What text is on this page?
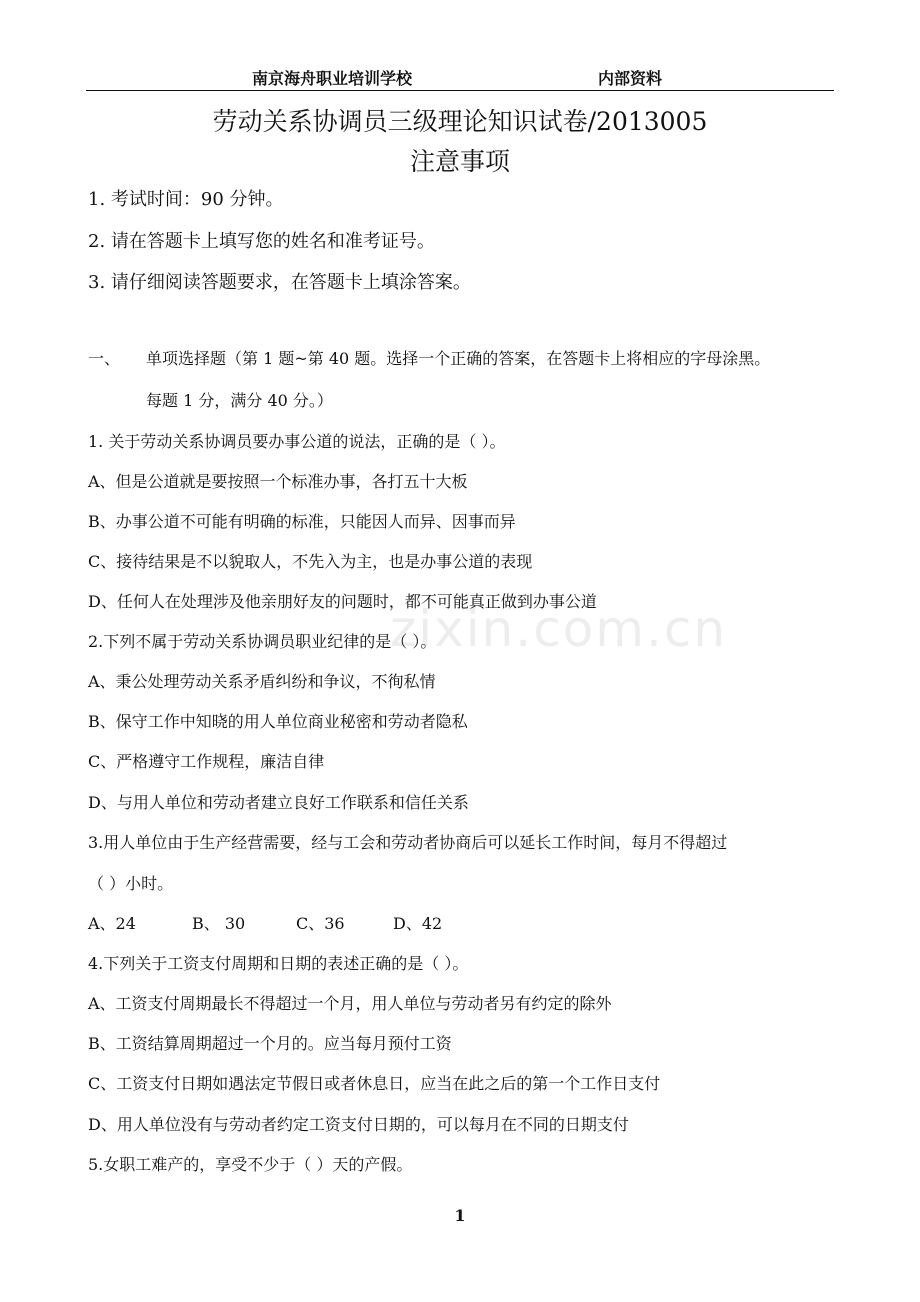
南京海舟职业培训学校	内部资料
劳动关系协调员三级理论知识试卷/2013005
注意事项
1. 考试时间：90 分钟。
2. 请在答题卡上填写您的姓名和准考证号。
3. 请仔细阅读答题要求，在答题卡上填涂答案。
一、 单项选择题（第 1 题~第 40 题。选择一个正确的答案，在答题卡上将相应的字母涂黑。
每题 1 分，满分 40 分。）
1. 关于劳动关系协调员要办事公道的说法，正确的是（ ）。
A、但是公道就是要按照一个标准办事，各打五十大板
B、办事公道不可能有明确的标准，只能因人而异、因事而异
C、接待结果是不以貌取人，不先入为主，也是办事公道的表现
D、任何人在处理涉及他亲朋好友的问题时，都不可能真正做到办事公道
2.下列不属于劳动关系协调员职业纪律的是（ ）。
A、秉公处理劳动关系矛盾纠纷和争议，不徇私情
B、保守工作中知晓的用人单位商业秘密和劳动者隐私
C、严格遵守工作规程，廉洁自律
D、与用人单位和劳动者建立良好工作联系和信任关系
3.用人单位由于生产经营需要，经与工会和劳动者协商后可以延长工作时间，每月不得超过
（ ）小时。
A、24	B、 30	C、36	D、42
4.下列关于工资支付周期和日期的表述正确的是（ ）。
A、工资支付周期最长不得超过一个月，用人单位与劳动者另有约定的除外
B、工资结算周期超过一个月的。应当每月预付工资
C、工资支付日期如遇法定节假日或者休息日，应当在此之后的第一个工作日支付
D、用人单位没有与劳动者约定工资支付日期的，可以每月在不同的日期支付
5.女职工难产的，享受不少于（ ）天的产假。
zixin.com.cn
1
